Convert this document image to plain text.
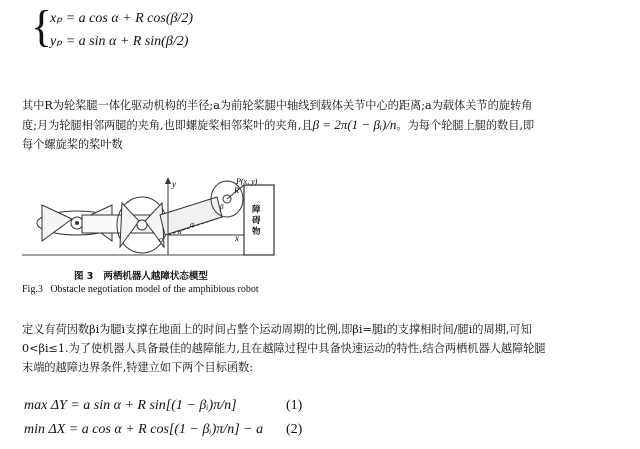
{
xₚ = a cos α + R cos(β/2)
yₚ = a sin α + R sin(β/2)
其中R为轮桨腿一体化驱动机构的半径;a为前轮桨腿中轴线到载体关节中心的距离;a为载体关节的旋转角
度;月为轮腿相邻两腿的夹角,也即螺旋桨相邻桨叶的夹角,且β = 2π(1 − βᵢ)/n。为每个轮腿上腿的数目,即
每个螺旋桨的桨叶数
y
x
P(x, y)
o
a
R
α
β	障
碍
物
图 3   两栖机器人越障状态模型
Fig.3   Obstacle negotiation model of the amphibious robot
定义有荷因数βi为腿i支撑在地面上的时间占整个运动周期的比例,即βi=腿i的支撑相时间/腿i的周期,可知
0<βi≤1.为了使机器人具备最佳的越障能力,且在越障过程中具备快速运动的特性,结合两栖机器人越障轮腿
末端的越障边界条件,特建立如下两个目标函数:
max ΔY = a sin α + R sin[(1 − βᵢ)π/n]	(1)
min ΔX = a cos α + R cos[(1 − βᵢ)π/n] − a (2)
